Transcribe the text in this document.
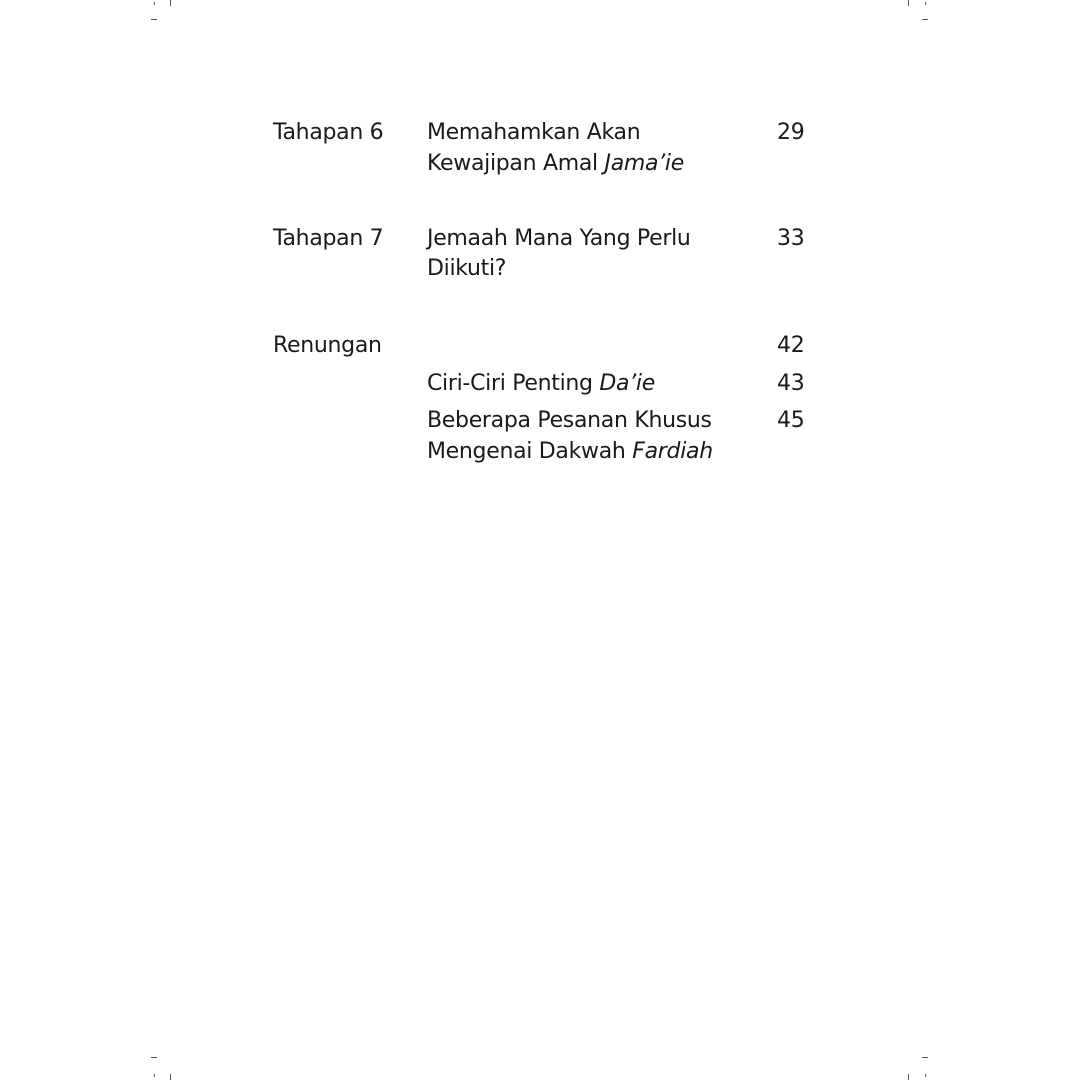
Tahapan 6 Memahamkan Akan
Kewajipan Amal Jama’ie
29
Tahapan 7 Jemaah Mana Yang Perlu
Diikuti?
33
Renungan	42
Ciri-Ciri Penting Da’ie	43
Beberapa Pesanan Khusus
Mengenai Dakwah Fardiah
45
